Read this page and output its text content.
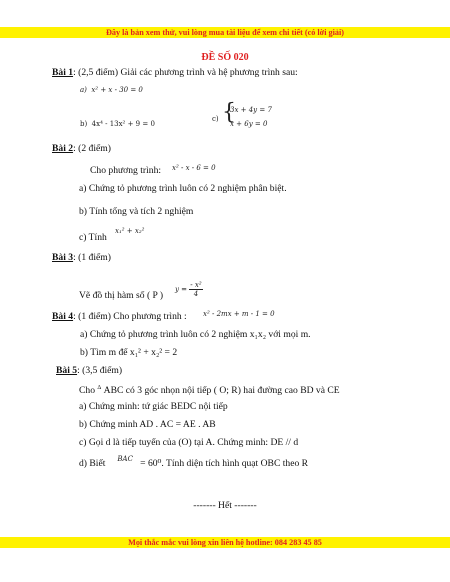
Đây là bản xem thử, vui lòng mua tài liệu để xem chi tiết (có lời giải)
ĐỀ SỐ 020
Bài 1: (2,5 điểm) Giải các phương trình và hệ phương trình sau:
a) x² + x - 30 = 0
b) 4x⁴ - 13x² + 9 = 0
c) {
3x + 4y = 7
x + 6y = 0
Bài 2: (2 điểm)
Cho phương trình: x² - x - 6 = 0
a) Chứng tỏ phương trình luôn có 2 nghiệm phân biệt.
b) Tính tổng và tích 2 nghiệm
c) Tính
x₁² + x₂²
Bài 3: (1 điểm)
Vẽ đồ thị hàm số ( P )
$y = \frac{\text{- x²}}{4}$
Bài 4: (1 điểm) Cho phương trình : x² - 2mx + m - 1 = 0
a) Chứng tỏ phương trình luôn có 2 nghiệm x₁x₂ với mọi m.
b) Tìm m để x₁² + x₂² = 2
Bài 5: (3,5 điểm)
Cho $^\Delta$ ABC có 3 góc nhọn nội tiếp ( O; R) hai đường cao BD và CE
a) Chứng minh: tứ giác BEDC nội tiếp
b) Chứng minh AD . AC = AE . AB
c) Gọi d là tiếp tuyến của (O) tại A. Chứng minh: DE // d
d) Biết $^{BAC}$ = 60⁰. Tính diện tích hình quạt OBC theo R
------- Hết -------
Mọi thắc mắc vui lòng xin liên hệ hotline: 084 283 45 85
